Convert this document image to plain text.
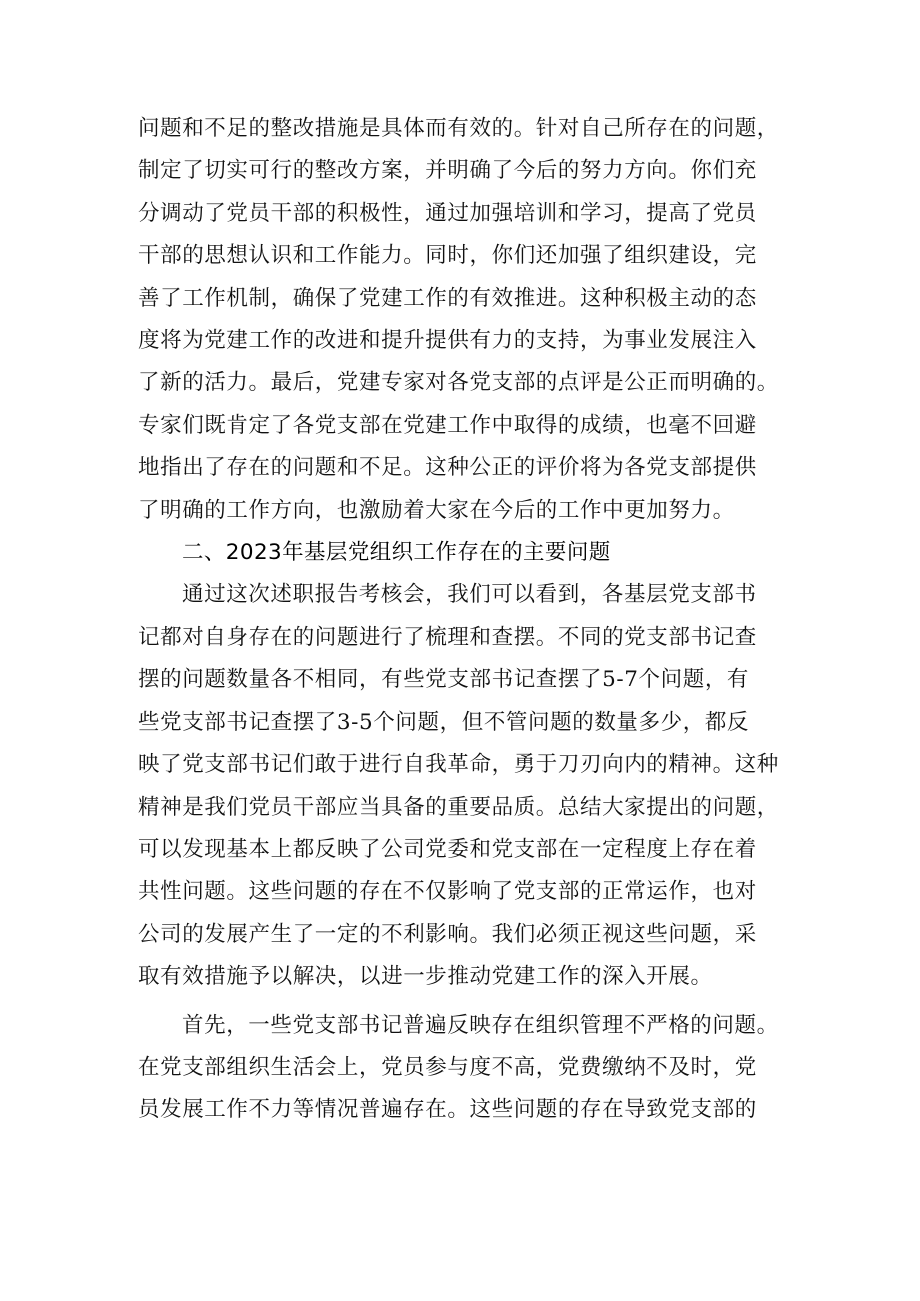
问题和不足的整改措施是具体而有效的。针对自己所存在的问题，
制定了切实可行的整改方案，并明确了今后的努力方向。你们充
分调动了党员干部的积极性，通过加强培训和学习，提高了党员
干部的思想认识和工作能力。同时，你们还加强了组织建设，完
善了工作机制，确保了党建工作的有效推进。这种积极主动的态
度将为党建工作的改进和提升提供有力的支持，为事业发展注入
了新的活力。最后，党建专家对各党支部的点评是公正而明确的。
专家们既肯定了各党支部在党建工作中取得的成绩，也毫不回避
地指出了存在的问题和不足。这种公正的评价将为各党支部提供
了明确的工作方向，也激励着大家在今后的工作中更加努力。

二、2023年基层党组织工作存在的主要问题

通过这次述职报告考核会，我们可以看到，各基层党支部书
记都对自身存在的问题进行了梳理和查摆。不同的党支部书记查
摆的问题数量各不相同，有些党支部书记查摆了5-7个问题，有
些党支部书记查摆了3-5个问题，但不管问题的数量多少，都反
映了党支部书记们敢于进行自我革命，勇于刀刃向内的精神。这种
精神是我们党员干部应当具备的重要品质。总结大家提出的问题，
可以发现基本上都反映了公司党委和党支部在一定程度上存在着
共性问题。这些问题的存在不仅影响了党支部的正常运作，也对
公司的发展产生了一定的不利影响。我们必须正视这些问题，采
取有效措施予以解决，以进一步推动党建工作的深入开展。

首先，一些党支部书记普遍反映存在组织管理不严格的问题。
在党支部组织生活会上，党员参与度不高，党费缴纳不及时，党
员发展工作不力等情况普遍存在。这些问题的存在导致党支部的
